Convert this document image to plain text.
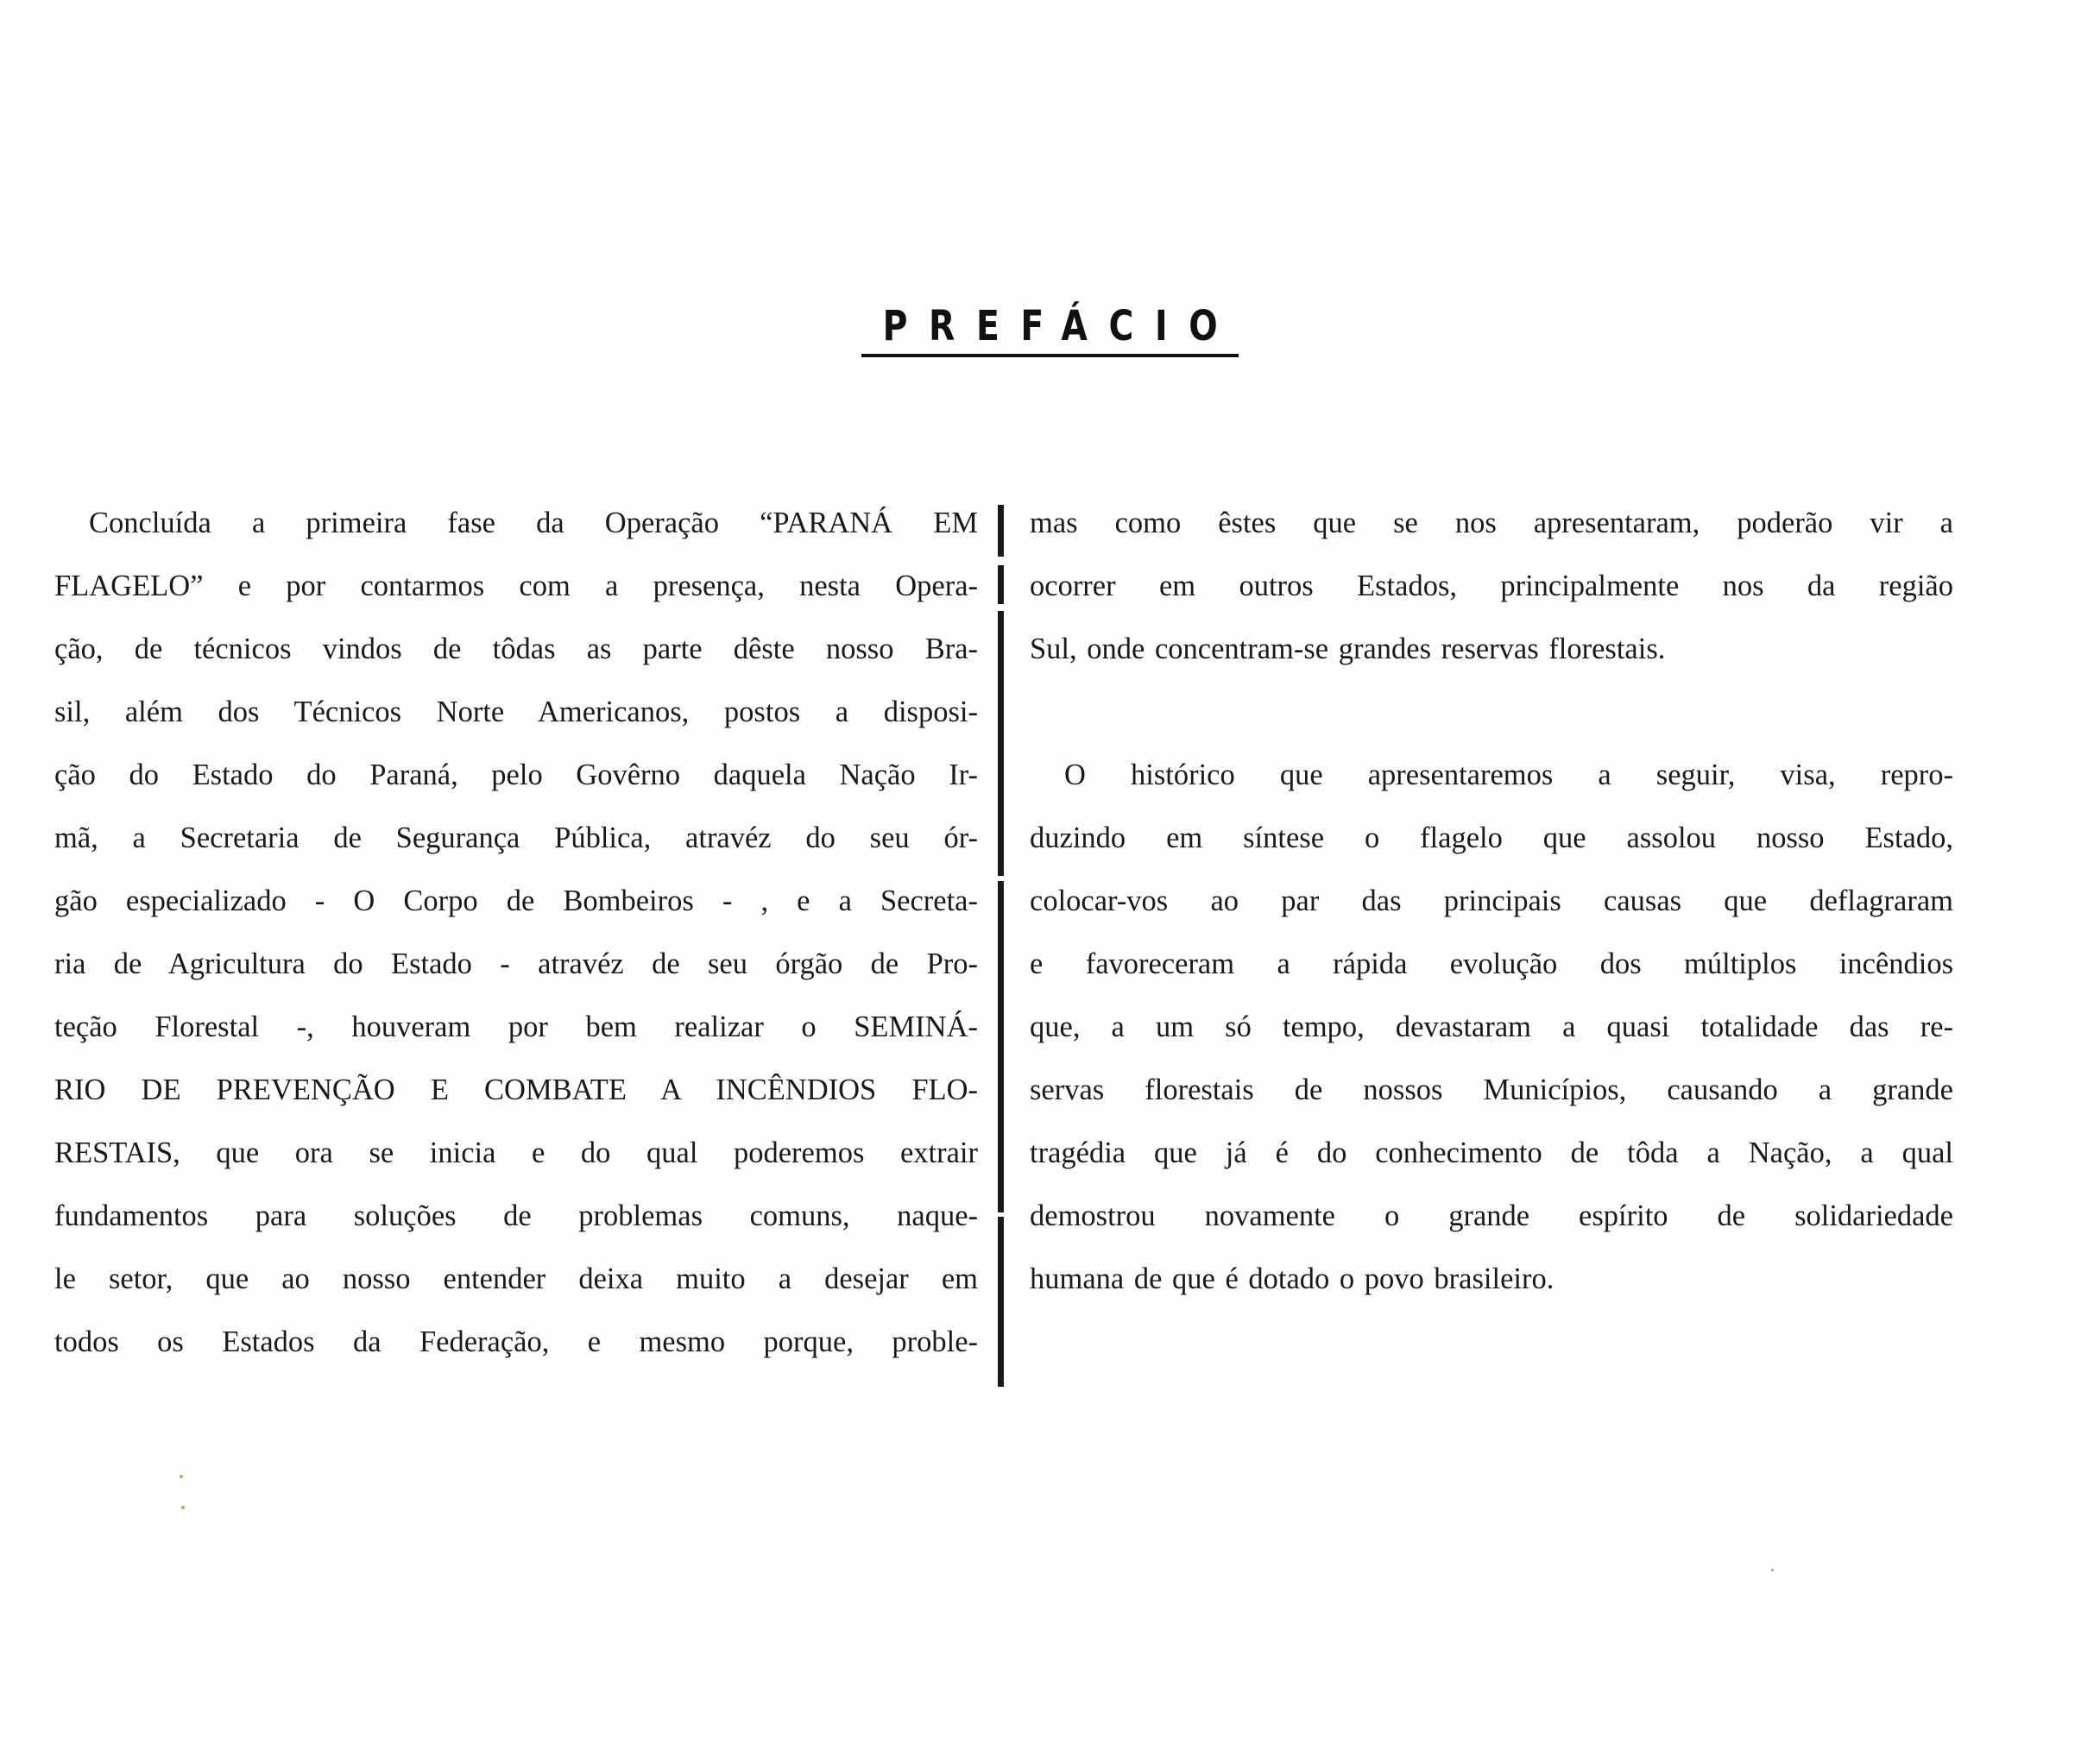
PREFÁCIO
Concluída a primeira fase da Operação “PARANÁ EM
FLAGELO” e por contarmos com a presença, nesta Opera-
ção, de técnicos vindos de tôdas as parte dêste nosso Bra-
sil, além dos Técnicos Norte Americanos, postos a disposi-
ção do Estado do Paraná, pelo Govêrno daquela Nação Ir-
mã, a Secretaria de Segurança Pública, atravéz do seu ór-
gão especializado - O Corpo de Bombeiros - , e a Secreta-
ria de Agricultura do Estado - atravéz de seu órgão de Pro-
teção Florestal -, houveram por bem realizar o SEMINÁ-
RIO DE PREVENÇÃO E COMBATE A INCÊNDIOS FLO-
RESTAIS, que ora se inicia e do qual poderemos extrair
fundamentos para soluções de problemas comuns, naque-
le setor, que ao nosso entender deixa muito a desejar em
todos os Estados da Federação, e mesmo porque, proble-
mas como êstes que se nos apresentaram, poderão vir a
ocorrer em outros Estados, principalmente nos da região
Sul, onde concentram-se grandes reservas florestais.
O histórico que apresentaremos a seguir, visa, repro-
duzindo em síntese o flagelo que assolou nosso Estado,
colocar-vos ao par das principais causas que deflagraram
e favoreceram a rápida evolução dos múltiplos incêndios
que, a um só tempo, devastaram a quasi totalidade das re-
servas florestais de nossos Municípios, causando a grande
tragédia que já é do conhecimento de tôda a Nação, a qual
demostrou novamente o grande espírito de solidariedade
humana de que é dotado o povo brasileiro.
